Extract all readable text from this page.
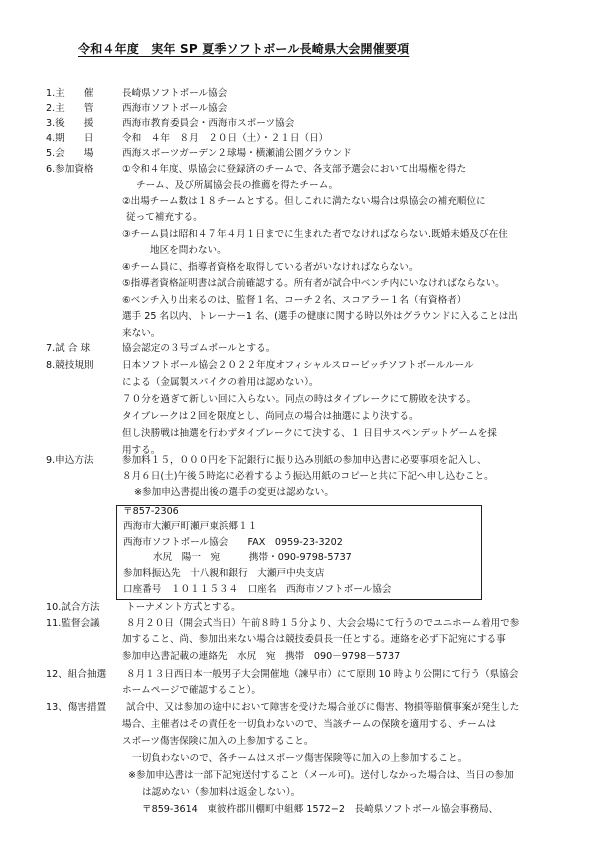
令和４年度　実年 SP 夏季ソフトボール長崎県大会開催要項
1.主　　催	長崎県ソフトボール協会
2.主　　管	西海市ソフトボール協会
3.後　　援	西海市教育委員会・西海市スポーツ協会
4.期　　日	令和　４年　８月　２０日（土）・２１日（日）
5.会　　場	西海スポーツガーデン２球場・横瀬浦公園グラウンド
6.参加資格	①令和４年度、県協会に登録済のチームで、各支部予選会において出場権を得た
チーム、及び所属協会長の推薦を得たチーム。
②出場チーム数は１８チームとする。但しこれに満たない場合は県協会の補充順位に
従って補充する。
③チーム員は昭和４７年４月１日までに生まれた者でなければならない.既婚未婚及び在住
地区を問わない。
④チーム員に、指導者資格を取得している者がいなければならない。
⑤指導者資格証明書は試合前確認する。所有者が試合中ベンチ内にいなければならない。
⑥ベンチ入り出来るのは、監督１名、コーチ２名、スコアラー１名（有資格者）
選手 25 名以内、トレーナー1 名、(選手の健康に関する時以外はグラウンドに入ることは出
来ない。
7.試 合 球	協会認定の３号ゴムボールとする。
8.競技規則	日本ソフトボール協会２０２２年度オフィシャルスロービッチソフトボールルール
による（金属製スパイクの着用は認めない）。
７０分を過ぎて新しい回に入らない。同点の時はタイブレークにて勝敗を決する。
タイブレークは２回を限度とし、尚同点の場合は抽選により決する。
但し決勝戦は抽選を行わずタイブレークにて決する、１ 日目サスペンデットゲームを採
用する。
9.申込方法	参加料１５，０００円を下記銀行に振り込み別紙の参加申込書に必要事項を記入し、
８月６日(土)午後５時迄に必着するよう振込用紙のコピーと共に下記へ申し込むこと。
※参加申込書提出後の選手の変更は認めない。
〒857-2306
西海市大瀬戸町瀬戸東浜郷１１
西海市ソフトボール協会　　FAX　0959-23-3202
水尻　陽一　宛　　　携帯・090-9798-5737
参加料振込先　十八親和銀行　大瀬戸中央支店
口座番号　１０１１５３４　口座名　西海市ソフトボール協会
10.試合方法	トーナメント方式とする。
11.監督会議	８月２０日（開会式当日）午前８時１５分より、大会会場にて行うのでユニホーム着用で参
加すること、尚、参加出来ない場合は競技委員長一任とする。連絡を必ず下記宛にする事
参加申込書記載の連絡先　水尻　宛　携帯　090－9798－5737
12、組合抽選 ８月１３日西日本一般男子大会開催地（諫早市）にて原則 10 時より公開にて行う（県協会
ホームページで確認すること）。
13、傷害措置 試合中、又は参加の途中において障害を受けた場合並びに傷害、物損等賠償事案が発生した
場合、主催者はその責任を一切負わないので、当該チームの保険を適用する、チームは
スポーツ傷害保険に加入の上参加すること。
一切負わないので、各チームはスポーツ傷害保険等に加入の上参加すること。
※参加申込書は一部下記宛送付すること（メール可)。送付しなかった場合は、当日の参加
は認めない（参加料は返金しない）。
〒859-3614　東彼杵郡川棚町中組郷 1572−2　長崎県ソフトボール協会事務局、
